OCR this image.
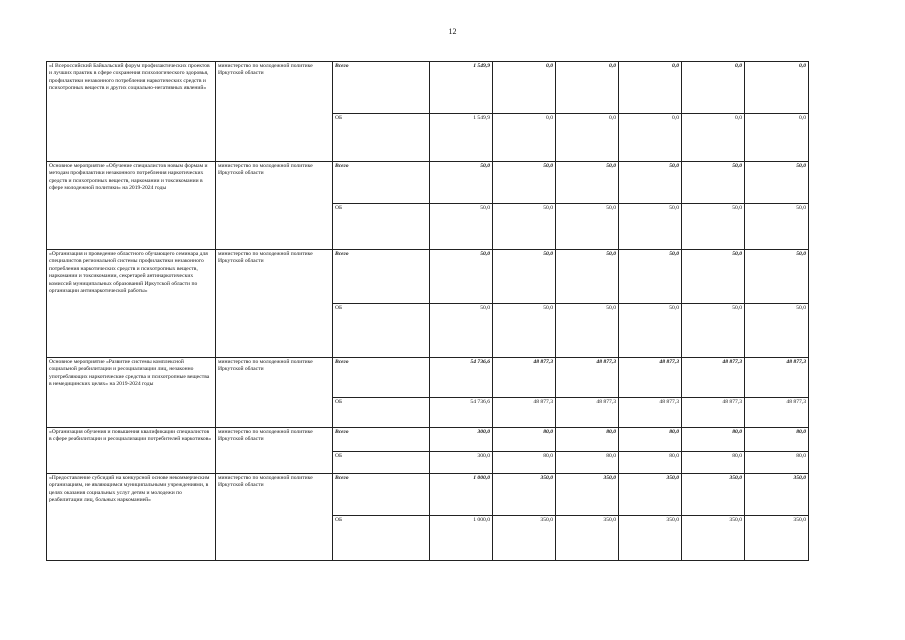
12
«I Всероссийский Байкальский форум профилактических проектов и лучших практик в сфере сохранения психологического здоровья, профилактики незаконного потребления наркотических средств и психотропных веществ и других социально-негативных явлений»	министерство по молодежной политике Иркутской области	Всего	1 549,9	0,0	0,0	0,0	0,0	0,0
		ОБ	1 549,9	0,0	0,0	0,0	0,0	0,0
Основное мероприятие «Обучение специалистов новым формам и методам профилактики незаконного потребления наркотических средств и психотропных веществ, наркомании и токсикомании в сфере молодежной политики» на 2019-2024 годы	министерство по молодежной политике Иркутской области	Всего	50,0	50,0	50,0	50,0	50,0	50,0
		ОБ	50,0	50,0	50,0	50,0	50,0	50,0
«Организация и проведение областного обучающего семинара для специалистов региональной системы профилактики незаконного потребления наркотических средств и психотропных веществ, наркомании и токсикомании, секретарей антинаркотических комиссий муниципальных образований Иркутской области по организации антинаркотической работы»	министерство по молодежной политике Иркутской области	Всего	50,0	50,0	50,0	50,0	50,0	50,0
		ОБ	50,0	50,0	50,0	50,0	50,0	50,0
Основное мероприятие «Развитие системы комплексной социальной реабилитации и ресоциализации лиц, незаконно употребляющих наркотические средства и психотропные вещества в немедицинских целях» на 2019-2024 годы	министерство по молодежной политике Иркутской области	Всего	54 736,6	48 877,3	48 877,3	48 877,3	48 877,3	48 877,3
		ОБ	54 736,6	48 877,3	48 877,3	48 877,3	48 877,3	48 877,3
«Организация обучения и повышения квалификации специалистов в сфере реабилитации и ресоциализации потребителей наркотиков»	министерство по молодежной политике Иркутской области	Всего	300,0	80,0	80,0	80,0	80,0	80,0
		ОБ	300,0	80,0	80,0	80,0	80,0	80,0
«Предоставление субсидий на конкурсной основе некоммерческим организациям, не являющимся муниципальными учреждениями, в целях оказания социальных услуг детям и молодежи по реабилитации лиц, больных наркоманией»	министерство по молодежной политике Иркутской области	Всего	1 000,0	350,0	350,0	350,0	350,0	350,0
		ОБ	1 000,0	350,0	350,0	350,0	350,0	350,0
